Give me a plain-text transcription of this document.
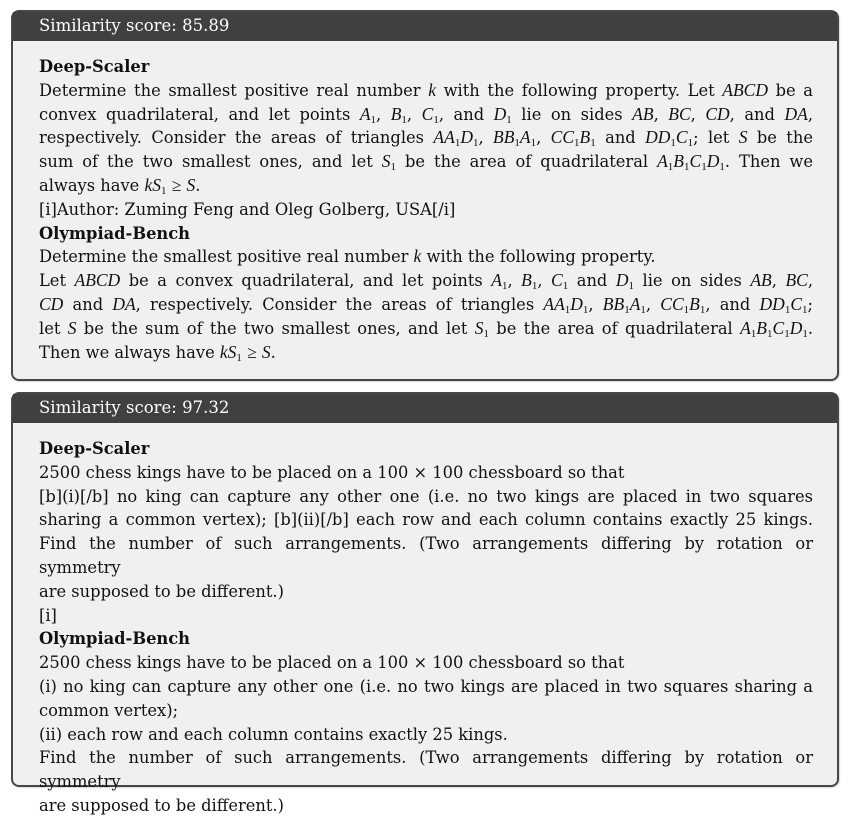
Similarity score: 85.89
Deep-Scaler
Determine the smallest positive real number k with the following property. Let ABCD be a
convex quadrilateral, and let points $A_1$, $B_1$, $C_1$, and $D_1$ lie on sides AB, BC, CD, and DA,
respectively. Consider the areas of triangles $AA_1D_1$, $BB_1A_1$, $CC_1B_1$ and $DD_1C_1$; let S be the
sum of the two smallest ones, and let $S_1$ be the area of quadrilateral $A_1B_1C_1D_1$. Then we
always have $kS_1 \ge S$.
[i]Author: Zuming Feng and Oleg Golberg, USA[/i]
Olympiad-Bench
Determine the smallest positive real number k with the following property.
Let ABCD be a convex quadrilateral, and let points $A_1$, $B_1$, $C_1$ and $D_1$ lie on sides AB, BC,
CD and DA, respectively. Consider the areas of triangles $AA_1D_1$, $BB_1A_1$, $CC_1B_1$, and $DD_1C_1$;
let S be the sum of the two smallest ones, and let $S_1$ be the area of quadrilateral $A_1B_1C_1D_1$.
Then we always have $kS_1 \ge S$.
Similarity score: 97.32
Deep-Scaler
2500 chess kings have to be placed on a 100 × 100 chessboard so that
[b](i)[/b] no king can capture any other one (i.e. no two kings are placed in two squares
sharing a common vertex); [b](ii)[/b] each row and each column contains exactly 25 kings.
Find the number of such arrangements. (Two arrangements differing by rotation or symmetry
are supposed to be different.)
[i]
Olympiad-Bench
2500 chess kings have to be placed on a 100 × 100 chessboard so that
(i) no king can capture any other one (i.e. no two kings are placed in two squares sharing a
common vertex);
(ii) each row and each column contains exactly 25 kings.
Find the number of such arrangements. (Two arrangements differing by rotation or symmetry
are supposed to be different.)
